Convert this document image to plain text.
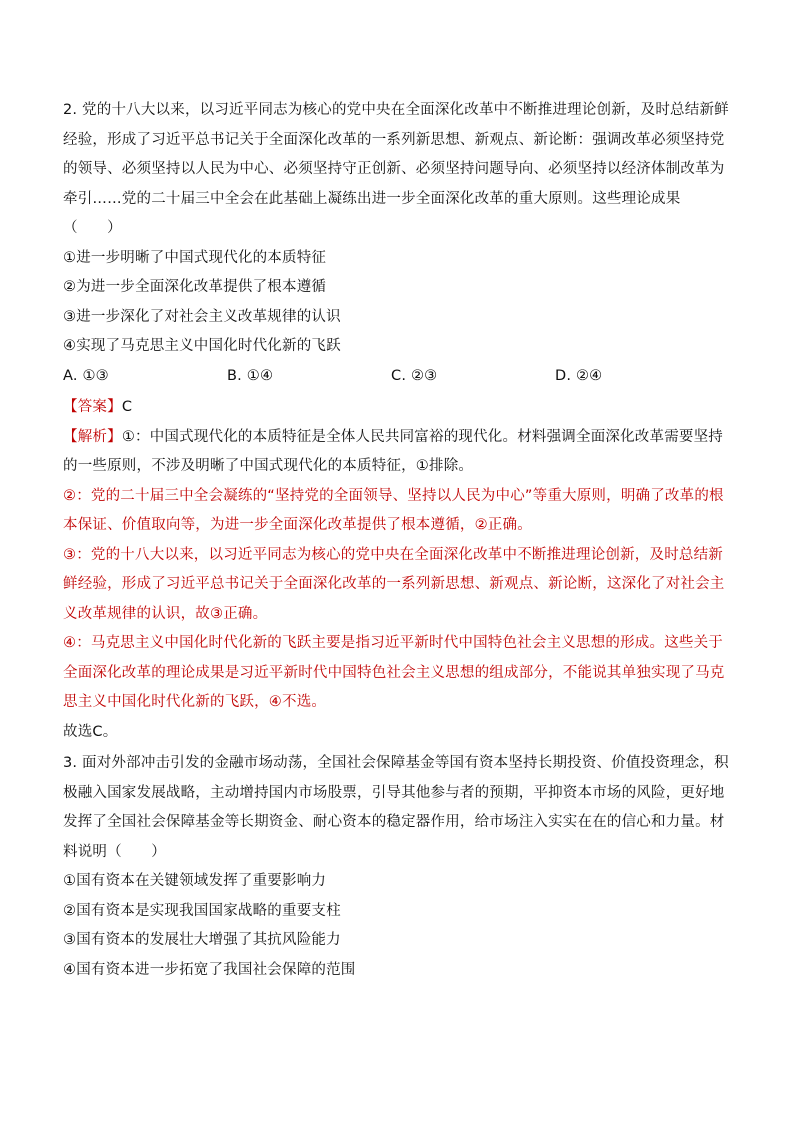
2. 党的十八大以来，以习近平同志为核心的党中央在全面深化改革中不断推进理论创新，及时总结新鲜经验，形成了习近平总书记关于全面深化改革的一系列新思想、新观点、新论断：强调改革必须坚持党的领导、必须坚持以人民为中心、必须坚持守正创新、必须坚持问题导向、必须坚持以经济体制改革为牵引……党的二十届三中全会在此基础上凝练出进一步全面深化改革的重大原则。这些理论成果（　　）

①进一步明晰了中国式现代化的本质特征

②为进一步全面深化改革提供了根本遵循

③进一步深化了对社会主义改革规律的认识

④实现了马克思主义中国化时代化新的飞跃

A. ①③	B. ①④	C. ②③	D. ②④

【答案】C

【解析】①：中国式现代化的本质特征是全体人民共同富裕的现代化。材料强调全面深化改革需要坚持的一些原则，不涉及明晰了中国式现代化的本质特征，①排除。

②：党的二十届三中全会凝练的“坚持党的全面领导、坚持以人民为中心”等重大原则，明确了改革的根本保证、价值取向等，为进一步全面深化改革提供了根本遵循，②正确。

③：党的十八大以来，以习近平同志为核心的党中央在全面深化改革中不断推进理论创新，及时总结新鲜经验，形成了习近平总书记关于全面深化改革的一系列新思想、新观点、新论断，这深化了对社会主义改革规律的认识，故③正确。

④：马克思主义中国化时代化新的飞跃主要是指习近平新时代中国特色社会主义思想的形成。这些关于全面深化改革的理论成果是习近平新时代中国特色社会主义思想的组成部分，不能说其单独实现了马克思主义中国化时代化新的飞跃，④不选。

故选C。

3. 面对外部冲击引发的金融市场动荡，全国社会保障基金等国有资本坚持长期投资、价值投资理念，积极融入国家发展战略，主动增持国内市场股票，引导其他参与者的预期，平抑资本市场的风险，更好地发挥了全国社会保障基金等长期资金、耐心资本的稳定器作用，给市场注入实实在在的信心和力量。材料说明（　　）

①国有资本在关键领域发挥了重要影响力

②国有资本是实现我国国家战略的重要支柱

③国有资本的发展壮大增强了其抗风险能力

④国有资本进一步拓宽了我国社会保障的范围
